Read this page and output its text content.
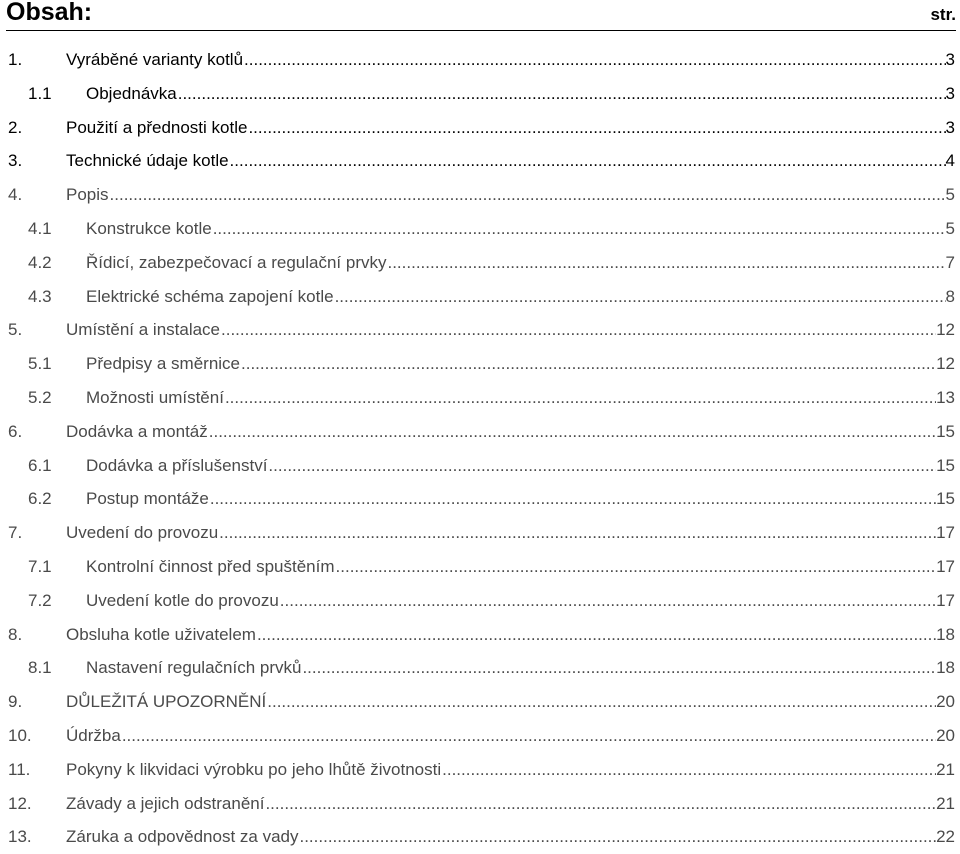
Obsah:	str.
1.	Vyráběné varianty kotlů .....	3
1.1 Objednávka .....	3
2.	Použití a přednosti kotle .....	3
3.	Technické údaje kotle .....	4
4.	Popis .....	5
4.1 Konstrukce kotle .....	5
4.2 Řídicí, zabezpečovací a regulační prvky .....	7
4.3 Elektrické schéma zapojení kotle .....	8
5.	Umístění a instalace .....	12
5.1 Předpisy a směrnice .....	12
5.2 Možnosti umístění .....	13
6.	Dodávka a montáž .....	15
6.1 Dodávka a příslušenství .....	15
6.2 Postup montáže .....	15
7.	Uvedení do provozu .....	17
7.1 Kontrolní činnost před spuštěním .....	17
7.2 Uvedení kotle do provozu .....	17
8.	Obsluha kotle uživatelem .....	18
8.1 Nastavení regulačních prvků .....	18
9.	DŮLEŽITÁ UPOZORNĚNÍ .....	20
10. Údržba .....	20
11. Pokyny k likvidaci výrobku po jeho lhůtě životnosti .....	21
12. Závady a jejich odstranění .....	21
13. Záruka a odpovědnost za vady .....	22
